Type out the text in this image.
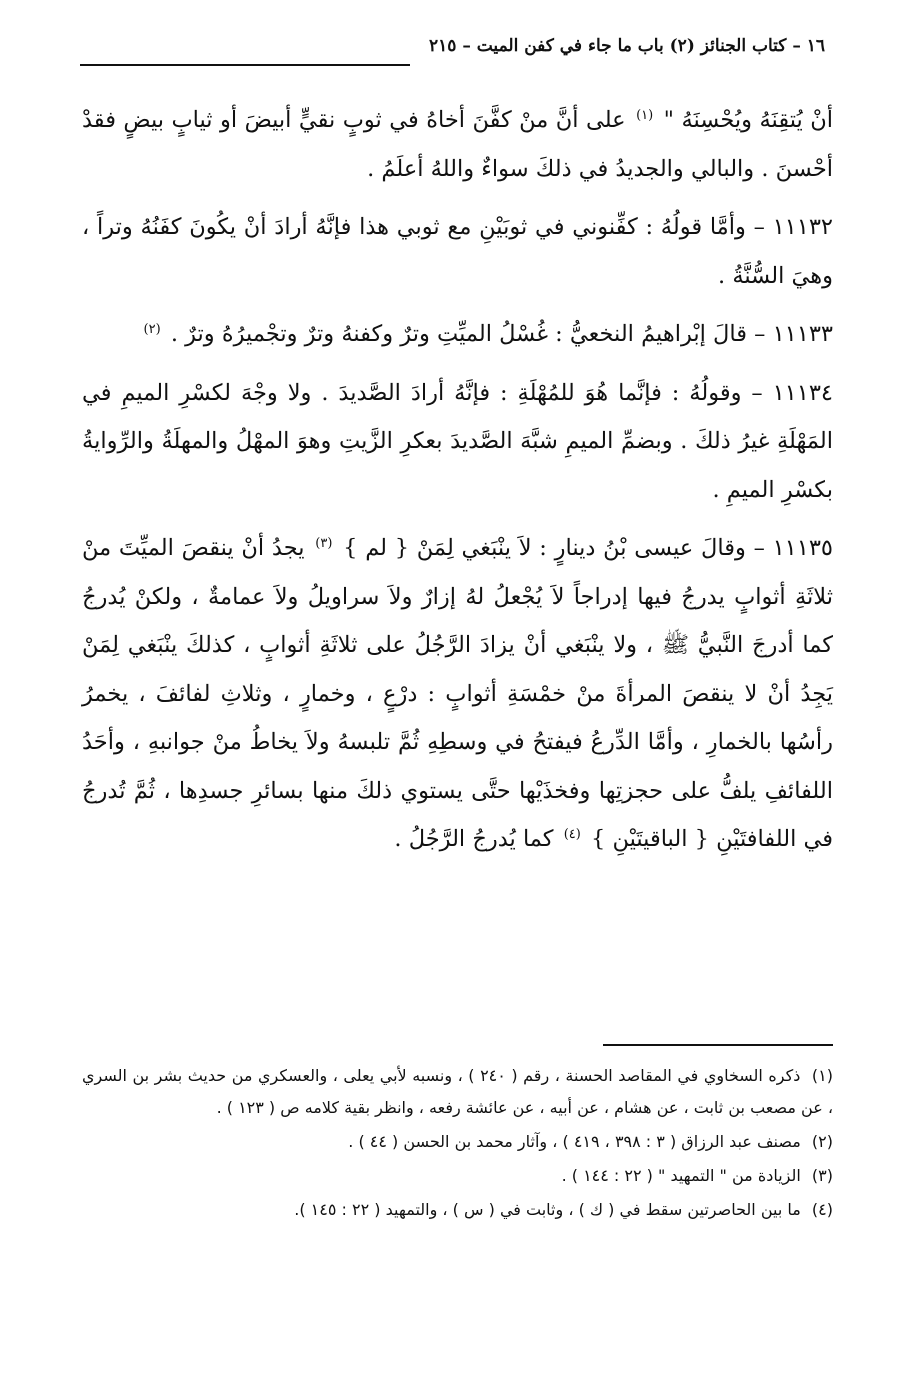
١٦ – كتاب الجنائز (٢) باب ما جاء في كفن الميت – ٢١٥

أنْ يُتقِنَهُ ويُحْسِنَهُ " $^{(١)}$ على أنَّ منْ كفَّنَ أخاهُ في ثوبٍ نقيٍّ أبيضَ أو ثيابٍ بيضٍ فقدْ أحْسنَ . والبالي والجديدُ في ذلكَ سواءٌ واللهُ أعلَمُ .

١١١٣٢ – وأمَّا قولُهُ : كفِّنوني في ثوبَيْنِ مع ثوبي هذا فإنَّهُ أرادَ أنْ يكُونَ كفَنُهُ وتراً ، وهيَ السُّنَّةُ .

١١١٣٣ – قالَ إبْراهيمُ النخعيُّ : غُسْلُ الميِّتِ وترٌ وكفنهُ وترٌ وتجْميرُهُ وترٌ . $^{(٢)}$

١١١٣٤ – وقولُهُ : فإنَّما هُوَ للمُهْلَةِ : فإنَّهُ أرادَ الصَّديدَ . ولا وجْهَ لكسْرِ الميمِ في المَهْلَةِ غيرُ ذلكَ . وبضمِّ الميمِ شبَّهَ الصَّديدَ بعكرِ الزَّيتِ وهوَ المهْلُ والمهلَةُ والرِّوايةُ بكسْرِ الميمِ .

١١١٣٥ – وقالَ عيسى بْنُ دينارٍ : لاَ ينْبَغي لِمَنْ { لم } $^{(٣)}$ يجدُ أنْ ينقصَ الميِّتَ منْ ثلاثَةِ أثوابٍ يدرجُ فيها إدراجاً لاَ يُجْعلُ لهُ إزارٌ ولاَ سراويلُ ولاَ عمامةٌ ، ولكنْ يُدرجُ كما أدرجَ النَّبيُّ ﷺ ، ولا ينْبَغي أنْ يزادَ الرَّجُلُ على ثلاثَةِ أثوابٍ ، كذلكَ ينْبَغي لِمَنْ يَجِدُ أنْ لا ينقصَ المرأةَ منْ خمْسَةِ أثوابٍ : درْعٍ ، وخمارٍ ، وثلاثِ لفائفَ ، يخمرُ رأسُها بالخمارِ ، وأمَّا الدِّرعُ فيفتحُ في وسطِهِ ثُمَّ تلبسهُ ولاَ يخاطُ منْ جوانبهِ ، وأحَدُ اللفائفِ يلفُّ على حجزتِها وفخذَيْها حتَّى يستوي ذلكَ منها بسائرِ جسدِها ، ثُمَّ تُدرجُ في اللفافتَيْنِ { الباقيتَيْنِ } $^{(٤)}$ كما يُدرجُ الرَّجُلُ .

(١) ذكره السخاوي في المقاصد الحسنة ، رقم ( ٢٤٠ ) ، ونسبه لأبي يعلى ، والعسكري من حديث بشر بن السري ، عن مصعب بن ثابت ، عن هشام ، عن أبيه ، عن عائشة رفعه ، وانظر بقية كلامه ص ( ١٢٣ ) .

(٢) مصنف عبد الرزاق ( ٣ : ٣٩٨ ، ٤١٩ ) ، وآثار محمد بن الحسن ( ٤٤ ) .

(٣) الزيادة من " التمهيد " ( ٢٢ : ١٤٤ ) .

(٤) ما بين الحاصرتين سقط في ( ك ) ، وثابت في ( س ) ، والتمهيد ( ٢٢ : ١٤٥ ).
